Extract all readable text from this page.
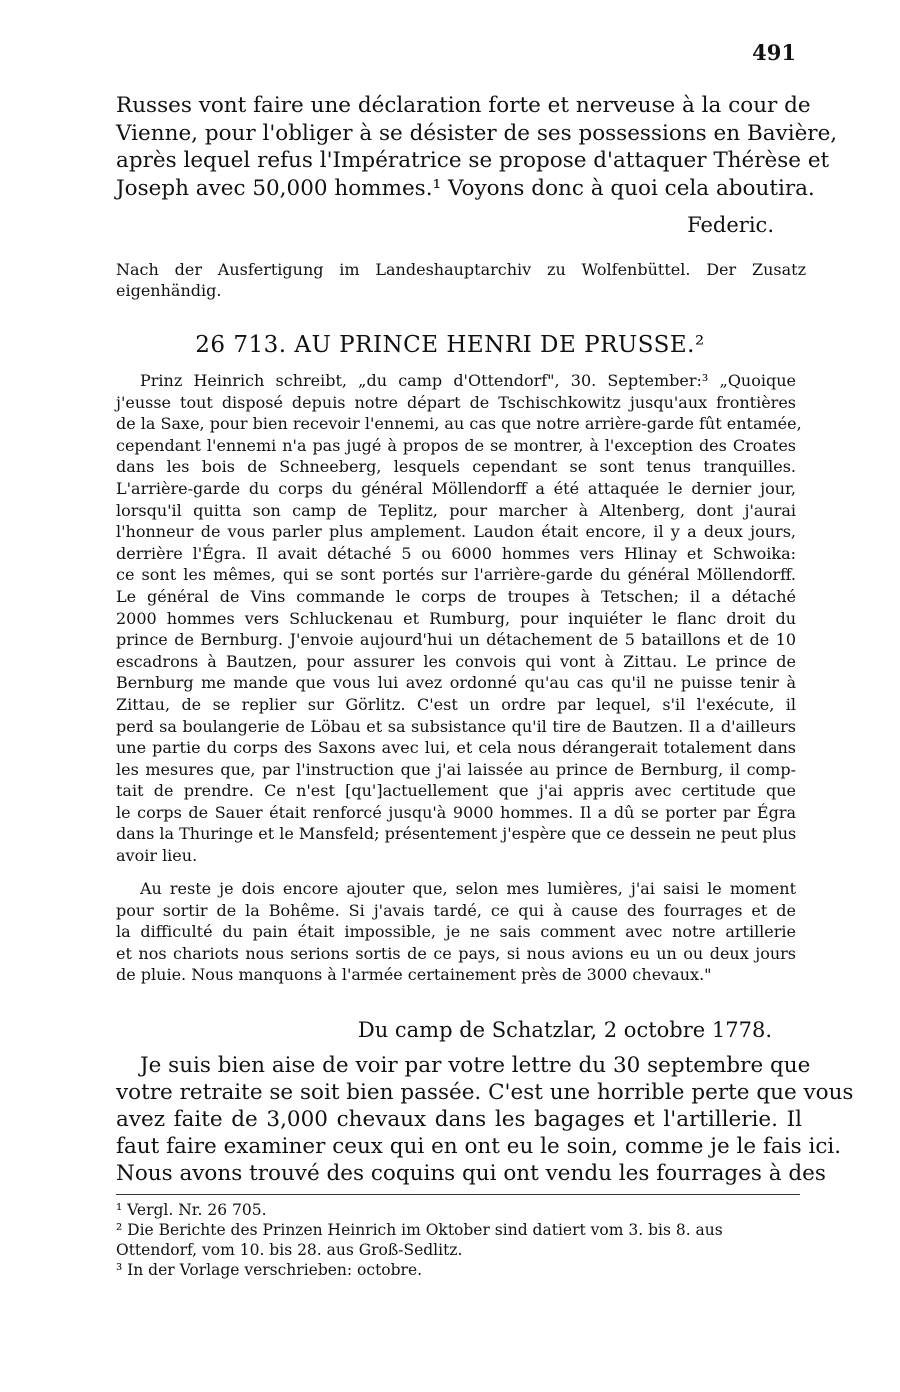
491
Russes vont faire une déclaration forte et nerveuse à la cour de
Vienne, pour l'obliger à se désister de ses possessions en Bavière,
après lequel refus l'Impératrice se propose d'attaquer Thérèse et
Joseph avec 50,000 hommes.¹ Voyons donc à quoi cela aboutira.
Federic.
Nach der Ausfertigung im Landeshauptarchiv zu Wolfenbüttel. Der Zusatz eigenhändig.
26 713. AU PRINCE HENRI DE PRUSSE.²
Prinz Heinrich schreibt, „du camp d'Ottendorf", 30. September:³ „Quoique
j'eusse tout disposé depuis notre départ de Tschischkowitz jusqu'aux frontières
de la Saxe, pour bien recevoir l'ennemi, au cas que notre arrière-garde fût entamée,
cependant l'ennemi n'a pas jugé à propos de se montrer, à l'exception des Croates
dans les bois de Schneeberg, lesquels cependant se sont tenus tranquilles.
L'arrière-garde du corps du général Möllendorff a été attaquée le dernier jour,
lorsqu'il quitta son camp de Teplitz, pour marcher à Altenberg, dont j'aurai
l'honneur de vous parler plus amplement. Laudon était encore, il y a deux jours,
derrière l'Égra. Il avait détaché 5 ou 6000 hommes vers Hlinay et Schwoika:
ce sont les mêmes, qui se sont portés sur l'arrière-garde du général Möllendorff.
Le général de Vins commande le corps de troupes à Tetschen; il a détaché
2000 hommes vers Schluckenau et Rumburg, pour inquiéter le flanc droit du
prince de Bernburg. J'envoie aujourd'hui un détachement de 5 bataillons et de 10
escadrons à Bautzen, pour assurer les convois qui vont à Zittau. Le prince de
Bernburg me mande que vous lui avez ordonné qu'au cas qu'il ne puisse tenir à
Zittau, de se replier sur Görlitz. C'est un ordre par lequel, s'il l'exécute, il
perd sa boulangerie de Löbau et sa subsistance qu'il tire de Bautzen. Il a d'ailleurs
une partie du corps des Saxons avec lui, et cela nous dérangerait totalement dans
les mesures que, par l'instruction que j'ai laissée au prince de Bernburg, il comp-
tait de prendre. Ce n'est [qu']actuellement que j'ai appris avec certitude que
le corps de Sauer était renforcé jusqu'à 9000 hommes. Il a dû se porter par Égra
dans la Thuringe et le Mansfeld; présentement j'espère que ce dessein ne peut plus
avoir lieu.
Au reste je dois encore ajouter que, selon mes lumières, j'ai saisi le moment
pour sortir de la Bohême. Si j'avais tardé, ce qui à cause des fourrages et de
la difficulté du pain était impossible, je ne sais comment avec notre artillerie
et nos chariots nous serions sortis de ce pays, si nous avions eu un ou deux jours
de pluie. Nous manquons à l'armée certainement près de 3000 chevaux."
Du camp de Schatzlar, 2 octobre 1778.
Je suis bien aise de voir par votre lettre du 30 septembre que
votre retraite se soit bien passée. C'est une horrible perte que vous
avez faite de 3,000 chevaux dans les bagages et l'artillerie. Il
faut faire examiner ceux qui en ont eu le soin, comme je le fais ici.
Nous avons trouvé des coquins qui ont vendu les fourrages à des
¹ Vergl. Nr. 26 705.
² Die Berichte des Prinzen Heinrich im Oktober sind datiert vom 3. bis 8. aus
Ottendorf, vom 10. bis 28. aus Groß-Sedlitz.
³ In der Vorlage verschrieben: octobre.
